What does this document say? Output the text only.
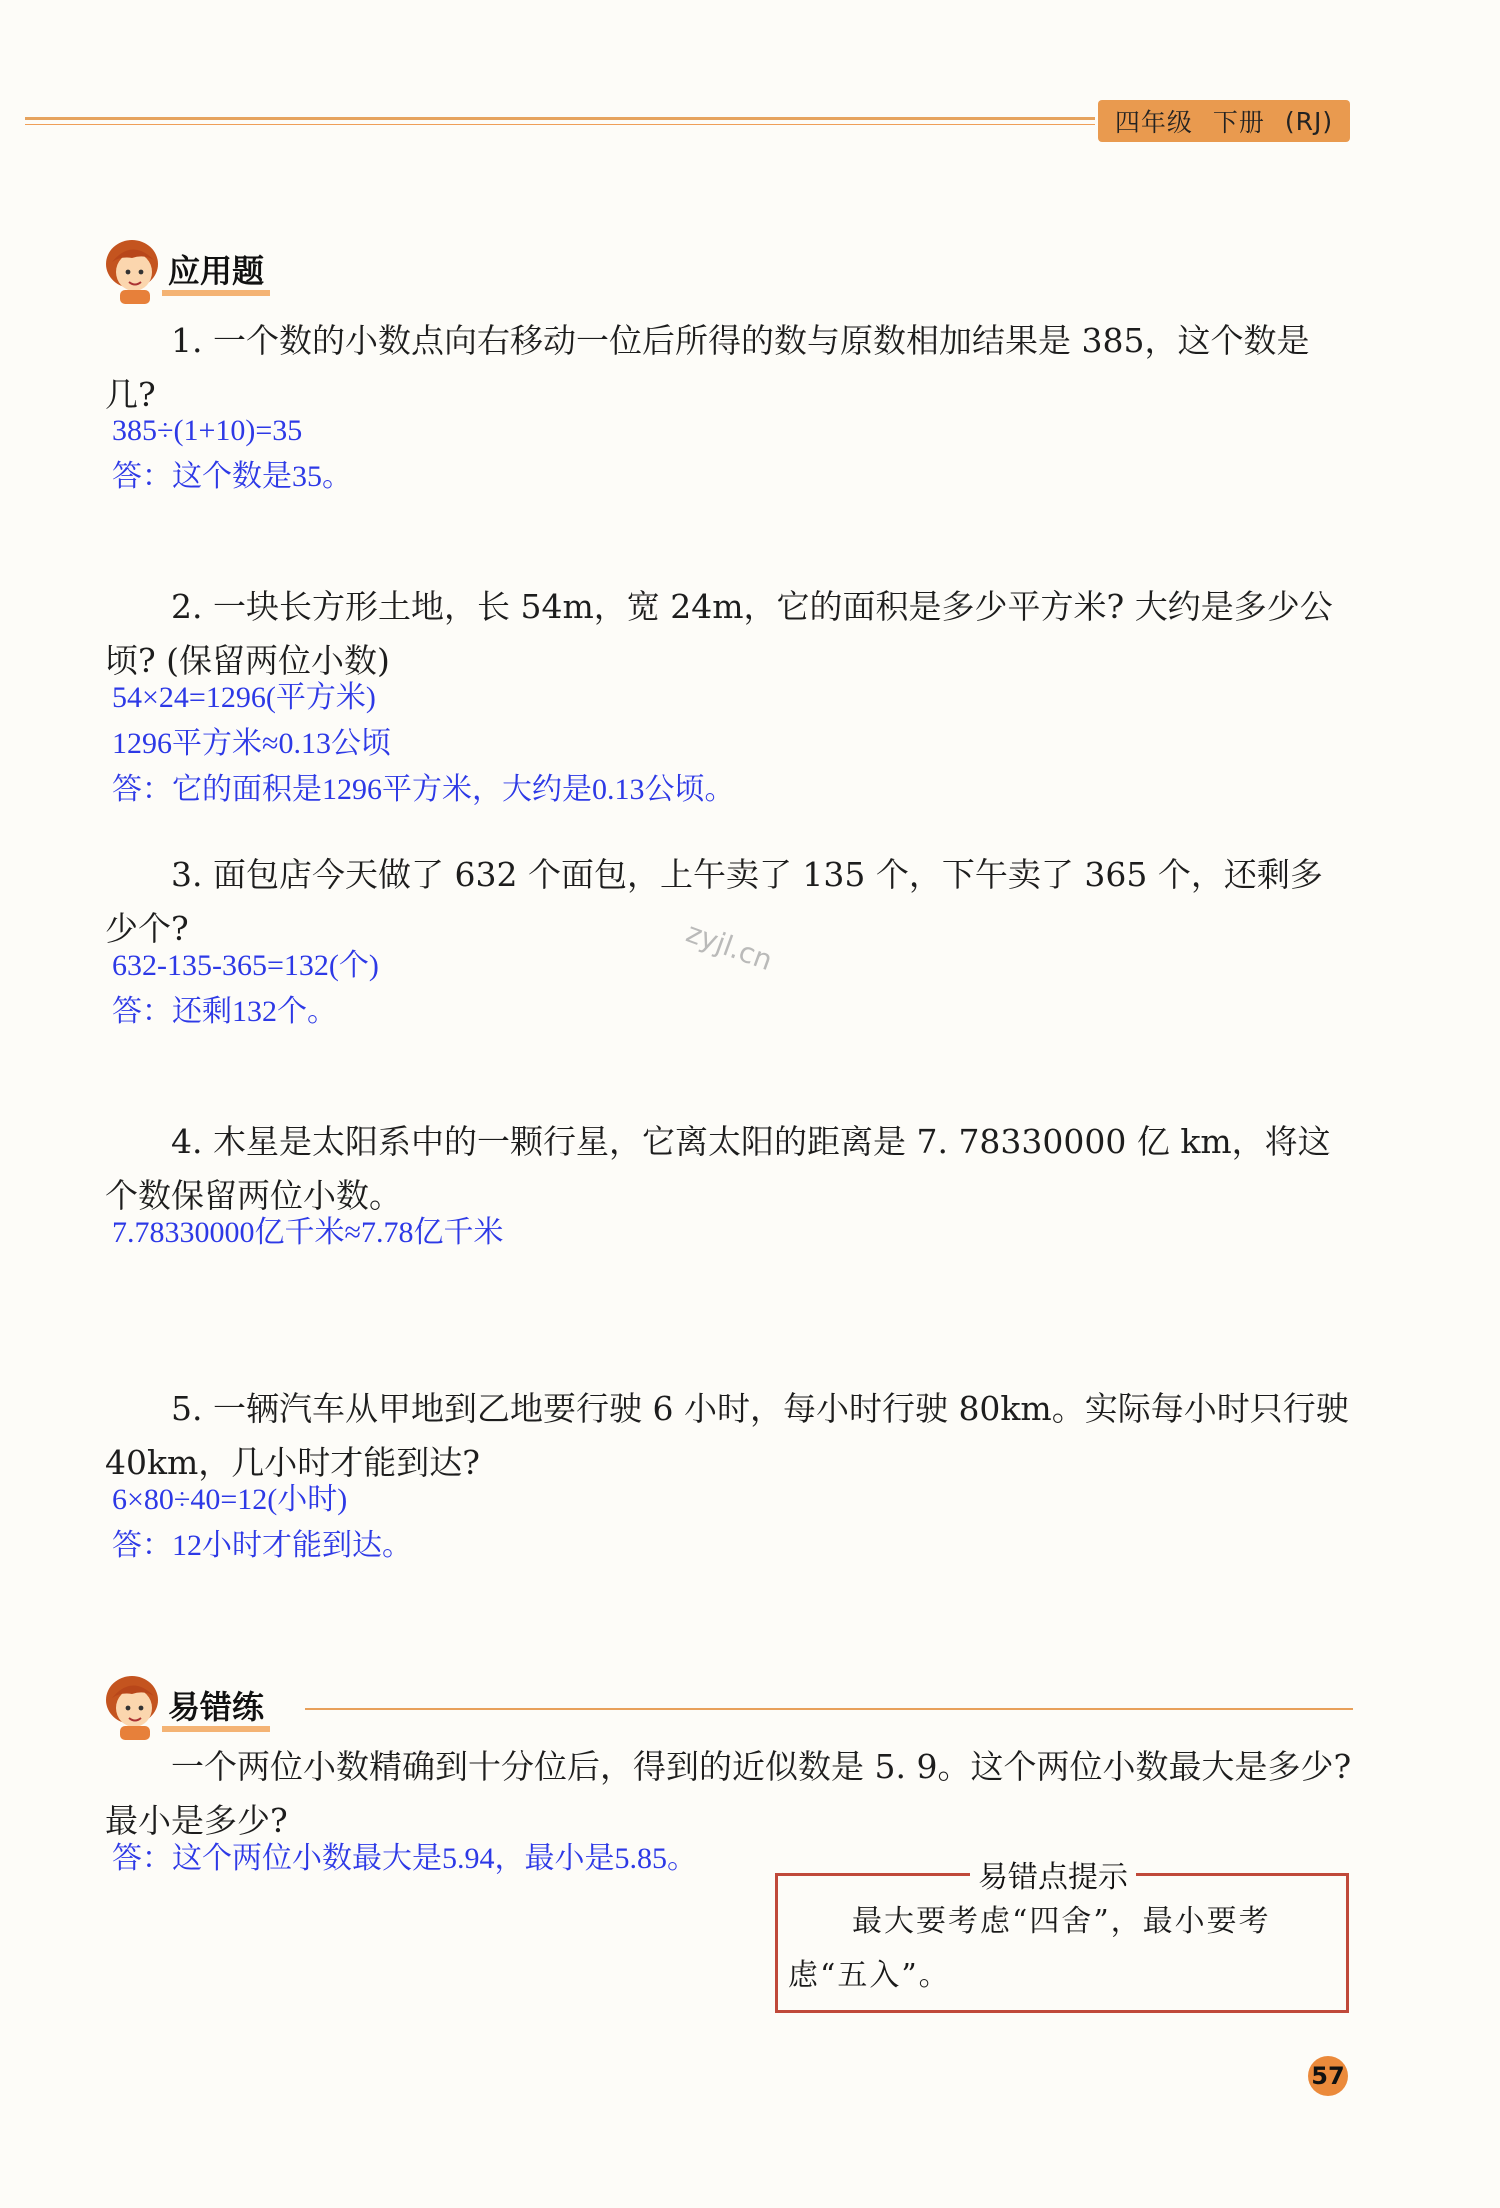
四年级 下册 (RJ)
应用题
1. 一个数的小数点向右移动一位后所得的数与原数相加结果是 385，这个数是几?
385÷(1+10)=35
答：这个数是35。
2. 一块长方形土地，长 54m，宽 24m，它的面积是多少平方米? 大约是多少公顷? (保留两位小数)
54×24=1296(平方米)
1296平方米≈0.13公顷
答：它的面积是1296平方米，大约是0.13公顷。
3. 面包店今天做了 632 个面包，上午卖了 135 个，下午卖了 365 个，还剩多少个?
632-135-365=132(个)
答：还剩132个。
zyjl.cn
4. 木星是太阳系中的一颗行星，它离太阳的距离是 7. 78330000 亿 km，将这个数保留两位小数。
7.78330000亿千米≈7.78亿千米
5. 一辆汽车从甲地到乙地要行驶 6 小时，每小时行驶 80km。实际每小时只行驶 40km，几小时才能到达?
6×80÷40=12(小时)
答：12小时才能到达。
易错练
一个两位小数精确到十分位后，得到的近似数是 5. 9。这个两位小数最大是多少? 最小是多少?
答：这个两位小数最大是5.94，最小是5.85。
易错点提示
最大要考虑“四舍”，最小要考虑“五入”。
57
